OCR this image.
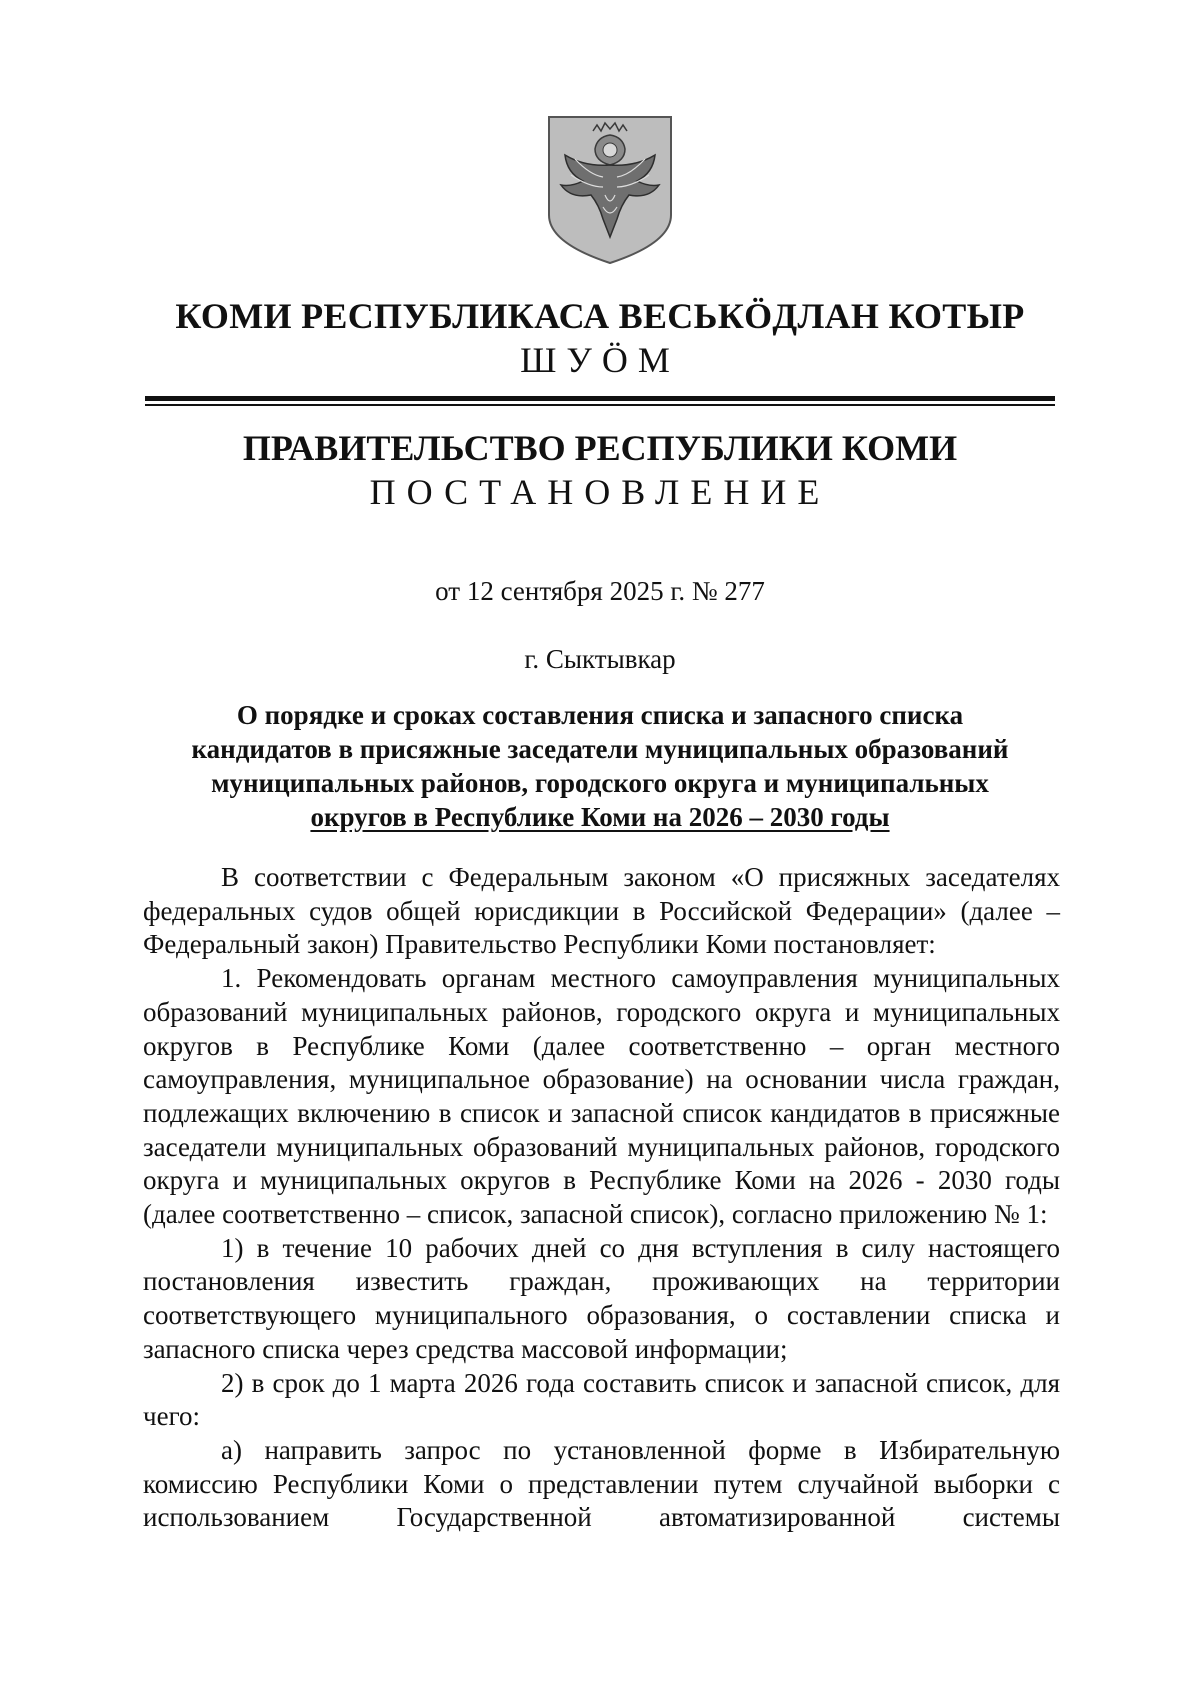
КОМИ РЕСПУБЛИКАСА ВЕСЬКÖДЛАН КОТЫР
ШУÖМ
ПРАВИТЕЛЬСТВО РЕСПУБЛИКИ КОМИ
ПОСТАНОВЛЕНИЕ
от 12 сентября 2025 г. № 277
г. Сыктывкар
О порядке и сроках составления списка и запасного списка
кандидатов в присяжные заседатели муниципальных образований
муниципальных районов, городского округа и муниципальных
округов в Республике Коми на 2026 – 2030 годы

В соответствии с Федеральным законом «О присяжных заседателях федеральных судов общей юрисдикции в Российской Федерации» (далее – Федеральный закон) Правительство Республики Коми постановляет:

1. Рекомендовать органам местного самоуправления муниципальных образований муниципальных районов, городского округа и муниципальных округов в Республике Коми (далее соответственно – орган местного самоуправления, муниципальное образование) на основании числа граждан, подлежащих включению в список и запасной список кандидатов в присяжные заседатели муниципальных образований муниципальных районов, городского округа и муниципальных округов в Республике Коми на 2026 - 2030 годы (далее соответственно – список, запасной список), согласно приложению № 1:

1) в течение 10 рабочих дней со дня вступления в силу настоящего постановления известить граждан, проживающих на территории соответствующего муниципального образования, о составлении списка и запасного списка через средства массовой информации;

2) в срок до 1 марта 2026 года составить список и запасной список, для чего:

а) направить запрос по установленной форме в Избирательную комиссию Республики Коми о представлении путем случайной выборки с использованием Государственной автоматизированной системы
